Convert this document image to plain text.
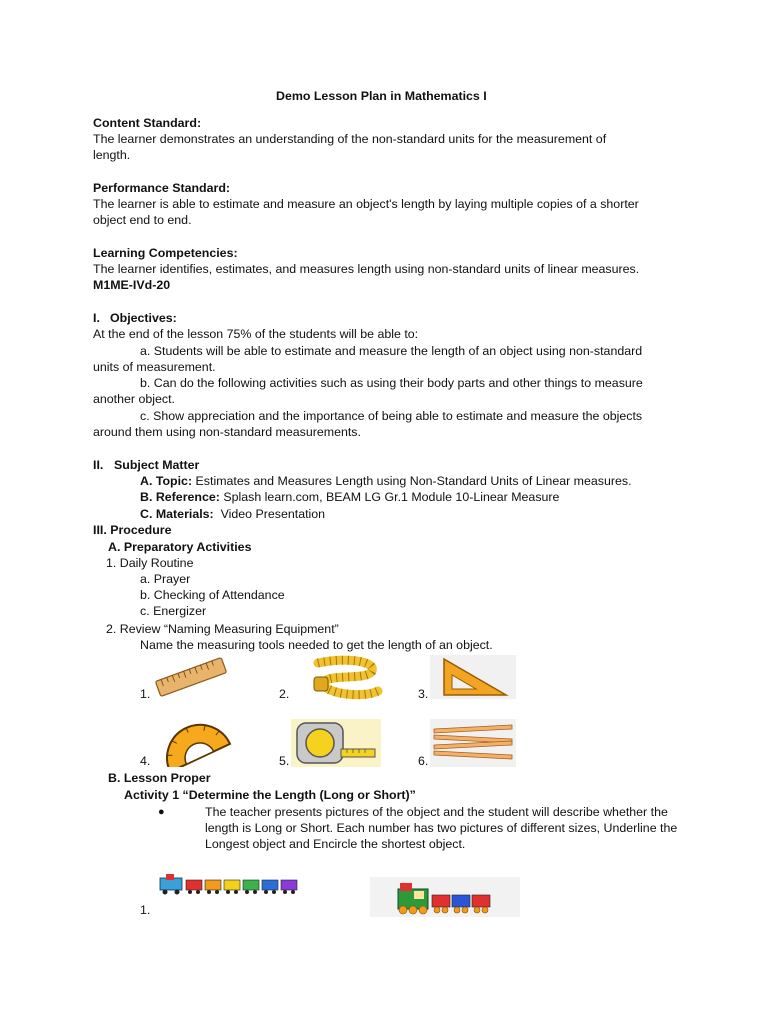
Demo Lesson Plan in Mathematics I
Content Standard:
The learner demonstrates an understanding of the non-standard units for the measurement of
length.
Performance Standard:
The learner is able to estimate and measure an object's length by laying multiple copies of a shorter
object end to end.
Learning Competencies:
The learner identifies, estimates, and measures length using non-standard units of linear measures.
M1ME-IVd-20
I. Objectives:
At the end of the lesson 75% of the students will be able to:
a. Students will be able to estimate and measure the length of an object using non-standard
units of measurement.
b. Can do the following activities such as using their body parts and other things to measure
another object.
c. Show appreciation and the importance of being able to estimate and measure the objects
around them using non-standard measurements.
II. Subject Matter
A. Topic: Estimates and Measures Length using Non-Standard Units of Linear measures.
B. Reference: Splash learn.com, BEAM LG Gr.1 Module 10-Linear Measure
C. Materials: Video Presentation
III. Procedure
A. Preparatory Activities
1. Daily Routine
a. Prayer
b. Checking of Attendance
c. Energizer
2. Review “Naming Measuring Equipment”
Name the measuring tools needed to get the length of an object.
1.	2.	3.
4.	5.	6.
B. Lesson Proper
Activity 1 “Determine the Length (Long or Short)”
●	The teacher presents pictures of the object and the student will describe whether the
length is Long or Short. Each number has two pictures of different sizes, Underline the
Longest object and Encircle the shortest object.
1.
